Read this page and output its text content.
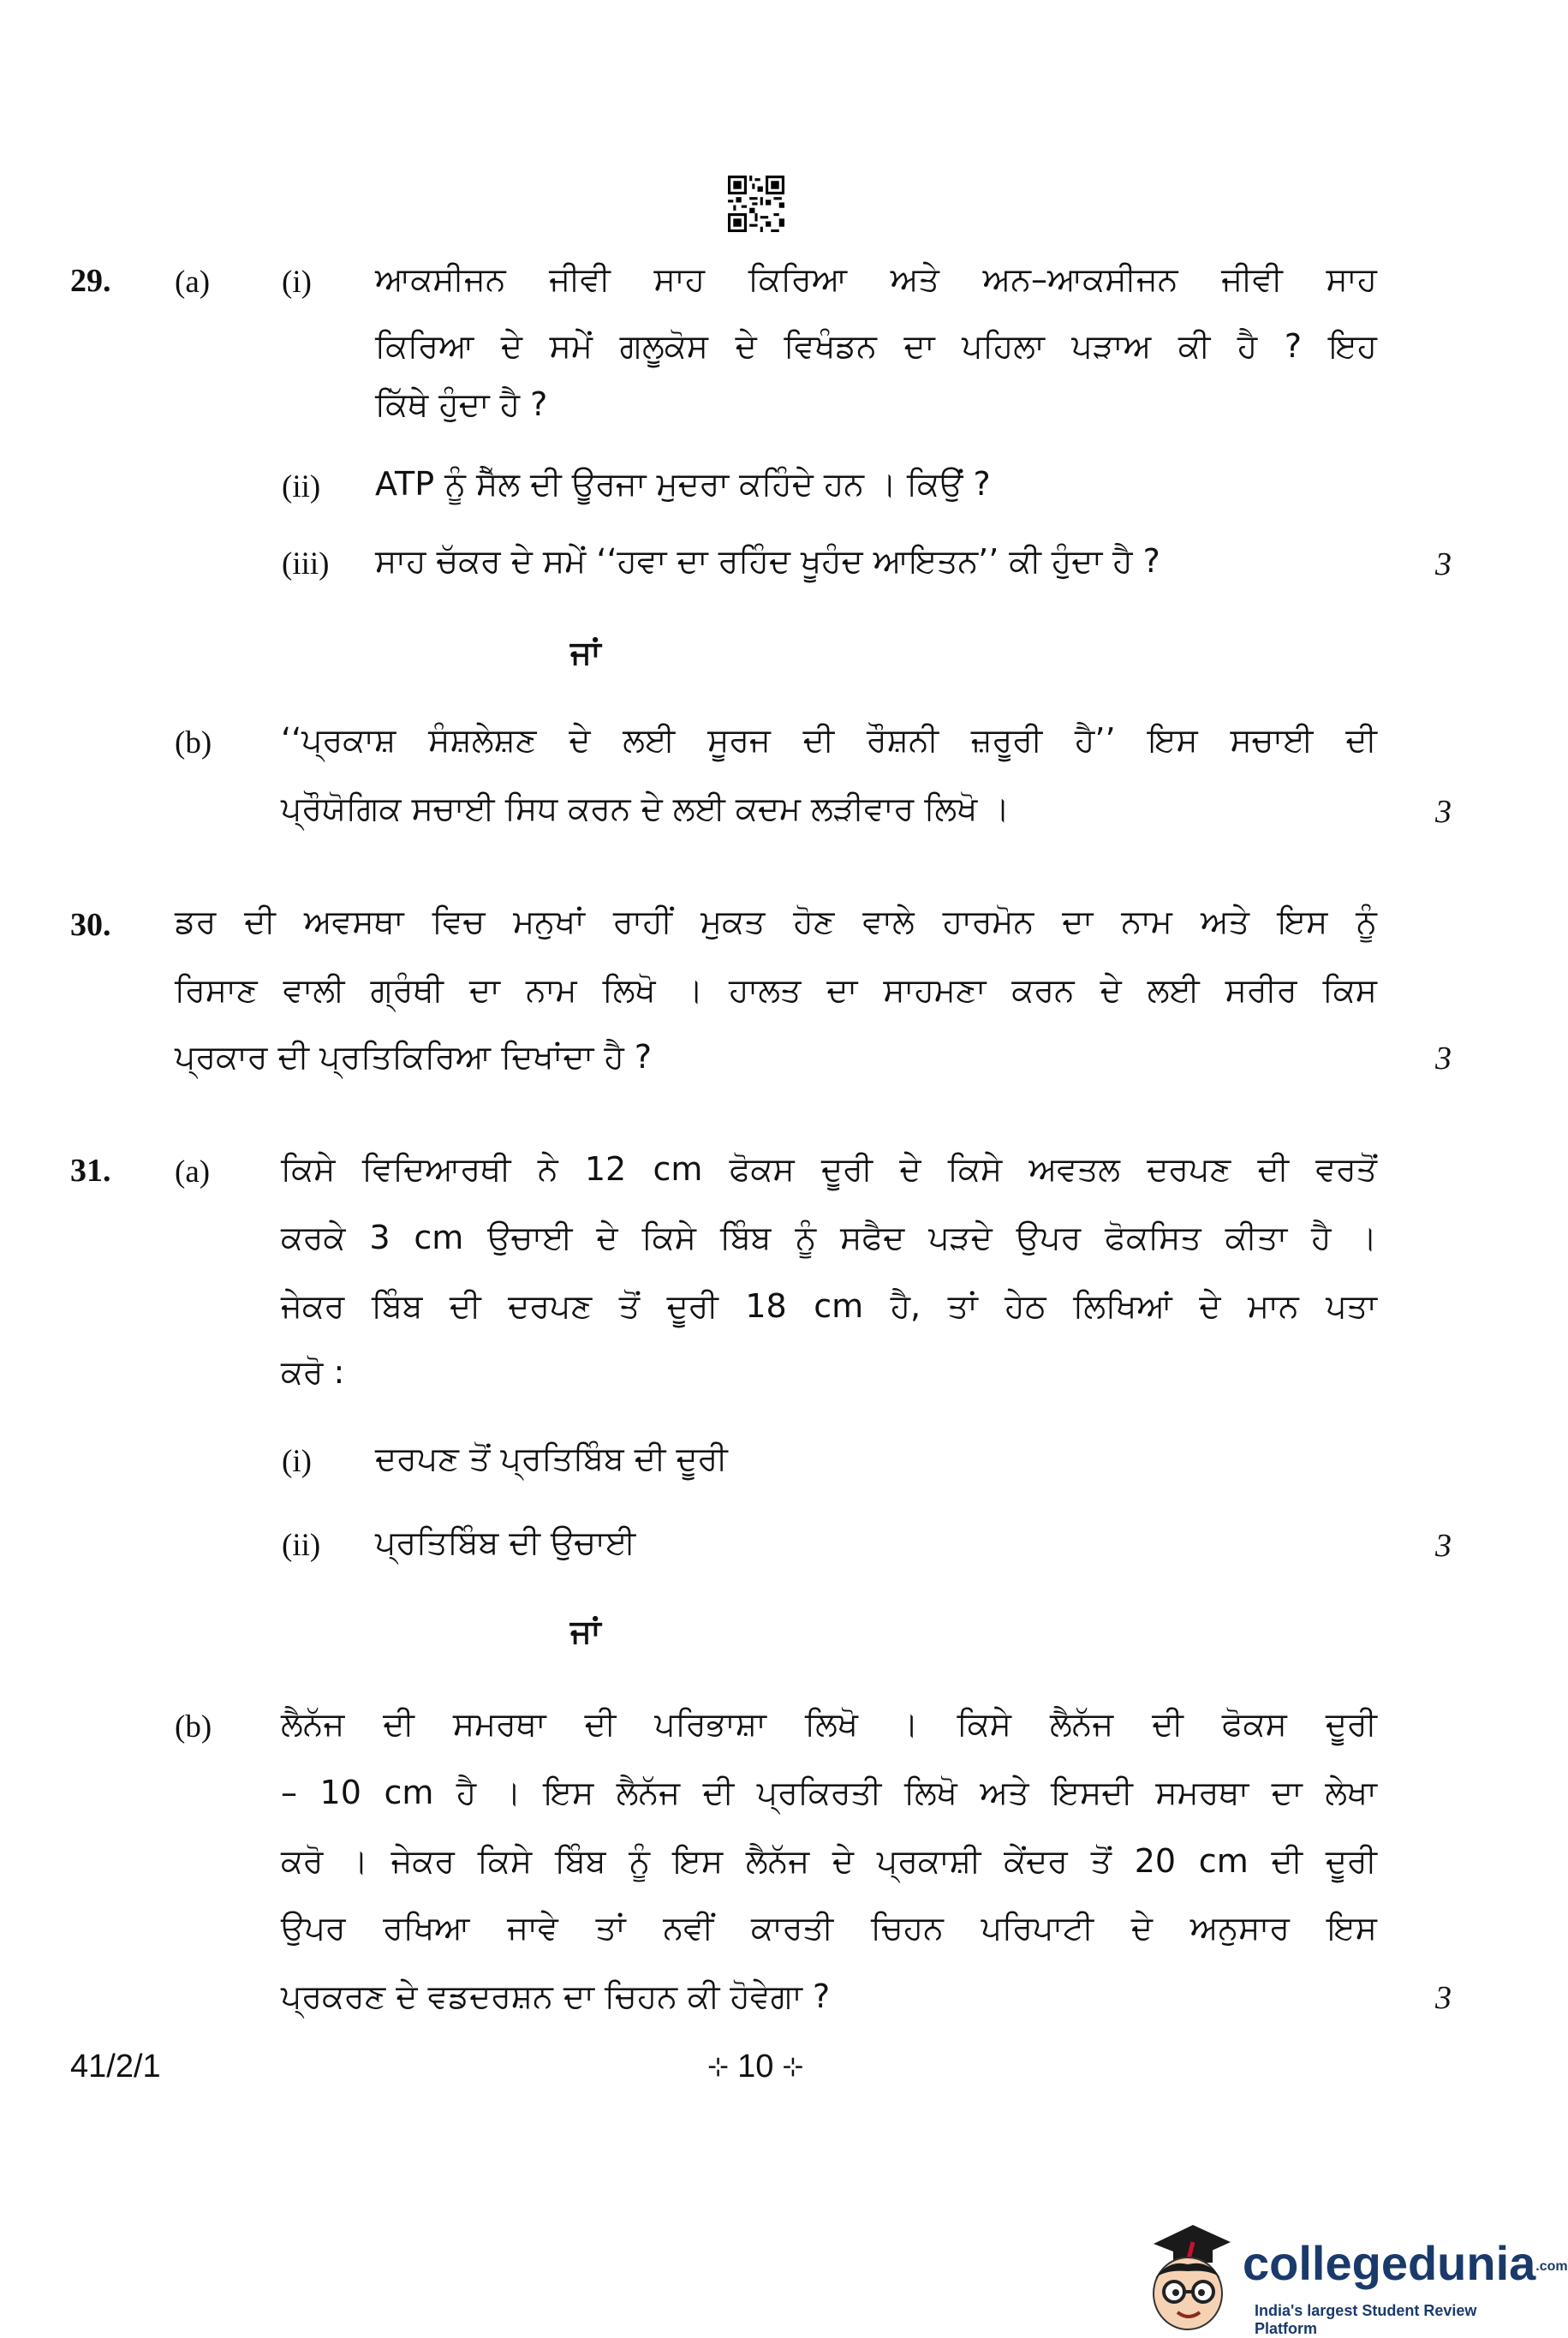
29. (a) (i) ਆਕਸੀਜਨ ਜੀਵੀ ਸਾਹ ਕਿਰਿਆ ਅਤੇ ਅਨ–ਆਕਸੀਜਨ ਜੀਵੀ ਸਾਹ
ਕਿਰਿਆ ਦੇ ਸਮੇਂ ਗਲੂਕੋਸ ਦੇ ਵਿਖੰਡਨ ਦਾ ਪਹਿਲਾ ਪੜਾਅ ਕੀ ਹੈ ? ਇਹ
ਕਿੱਥੇ ਹੁੰਦਾ ਹੈ ?
(ii) ATP ਨੂੰ ਸੈੱਲ ਦੀ ਊਰਜਾ ਮੁਦਰਾ ਕਹਿੰਦੇ ਹਨ । ਕਿਉਂ ?
(iii) ਸਾਹ ਚੱਕਰ ਦੇ ਸਮੇਂ ‘‘ਹਵਾ ਦਾ ਰਹਿੰਦ ਖੂਹੰਦ ਆਇਤਨ’’ ਕੀ ਹੁੰਦਾ ਹੈ ?	3
ਜਾਂ
(b) ‘‘ਪ੍ਰਕਾਸ਼ ਸੰਸ਼ਲੇਸ਼ਣ ਦੇ ਲਈ ਸੂਰਜ ਦੀ ਰੌਸ਼ਨੀ ਜ਼ਰੂਰੀ ਹੈ’’ ਇਸ ਸਚਾਈ ਦੀ
ਪ੍ਰੌਯੋਗਿਕ ਸਚਾਈ ਸਿਧ ਕਰਨ ਦੇ ਲਈ ਕਦਮ ਲੜੀਵਾਰ ਲਿਖੋ ।	3
30. ਡਰ ਦੀ ਅਵਸਥਾ ਵਿਚ ਮਨੁਖਾਂ ਰਾਹੀਂ ਮੁਕਤ ਹੋਣ ਵਾਲੇ ਹਾਰਮੋਨ ਦਾ ਨਾਮ ਅਤੇ ਇਸ ਨੂੰ
ਰਿਸਾਣ ਵਾਲੀ ਗ੍ਰੰਥੀ ਦਾ ਨਾਮ ਲਿਖੋ । ਹਾਲਤ ਦਾ ਸਾਹਮਣਾ ਕਰਨ ਦੇ ਲਈ ਸਰੀਰ ਕਿਸ
ਪ੍ਰਕਾਰ ਦੀ ਪ੍ਰਤਿਕਿਰਿਆ ਦਿਖਾਂਦਾ ਹੈ ?	3
31. (a) ਕਿਸੇ ਵਿਦਿਆਰਥੀ ਨੇ 12 cm ਫੋਕਸ ਦੂਰੀ ਦੇ ਕਿਸੇ ਅਵਤਲ ਦਰਪਣ ਦੀ ਵਰਤੋਂ
ਕਰਕੇ 3 cm ਉਚਾਈ ਦੇ ਕਿਸੇ ਬਿੰਬ ਨੂੰ ਸਫੈਦ ਪੜਦੇ ਉਪਰ ਫੋਕਸਿਤ ਕੀਤਾ ਹੈ ।
ਜੇਕਰ ਬਿੰਬ ਦੀ ਦਰਪਣ ਤੋਂ ਦੂਰੀ 18 cm ਹੈ, ਤਾਂ ਹੇਠ ਲਿਖਿਆਂ ਦੇ ਮਾਨ ਪਤਾ
ਕਰੋ :
(i) ਦਰਪਣ ਤੋਂ ਪ੍ਰਤਿਬਿੰਬ ਦੀ ਦੂਰੀ
(ii) ਪ੍ਰਤਿਬਿੰਬ ਦੀ ਉਚਾਈ	3
ਜਾਂ
(b) ਲੈਨੱਜ ਦੀ ਸਮਰਥਾ ਦੀ ਪਰਿਭਾਸ਼ਾ ਲਿਖੋ । ਕਿਸੇ ਲੈਨੱਜ ਦੀ ਫੋਕਸ ਦੂਰੀ
– 10 cm ਹੈ । ਇਸ ਲੈਨੱਜ ਦੀ ਪ੍ਰਕਿਰਤੀ ਲਿਖੋ ਅਤੇ ਇਸਦੀ ਸਮਰਥਾ ਦਾ ਲੇਖਾ
ਕਰੋ । ਜੇਕਰ ਕਿਸੇ ਬਿੰਬ ਨੂੰ ਇਸ ਲੈਨੱਜ ਦੇ ਪ੍ਰਕਾਸ਼ੀ ਕੇਂਦਰ ਤੋਂ 20 cm ਦੀ ਦੂਰੀ
ਉਪਰ ਰਖਿਆ ਜਾਵੇ ਤਾਂ ਨਵੀਂ ਕਾਰਤੀ ਚਿਹਨ ਪਰਿਪਾਟੀ ਦੇ ਅਨੁਸਾਰ ਇਸ
ਪ੍ਰਕਰਣ ਦੇ ਵਡਦਰਸ਼ਨ ਦਾ ਚਿਹਨ ਕੀ ਹੋਵੇਗਾ ?	3
41/2/1	⊹ 10 ⊹
collegedunia.com
India's largest Student Review Platform
